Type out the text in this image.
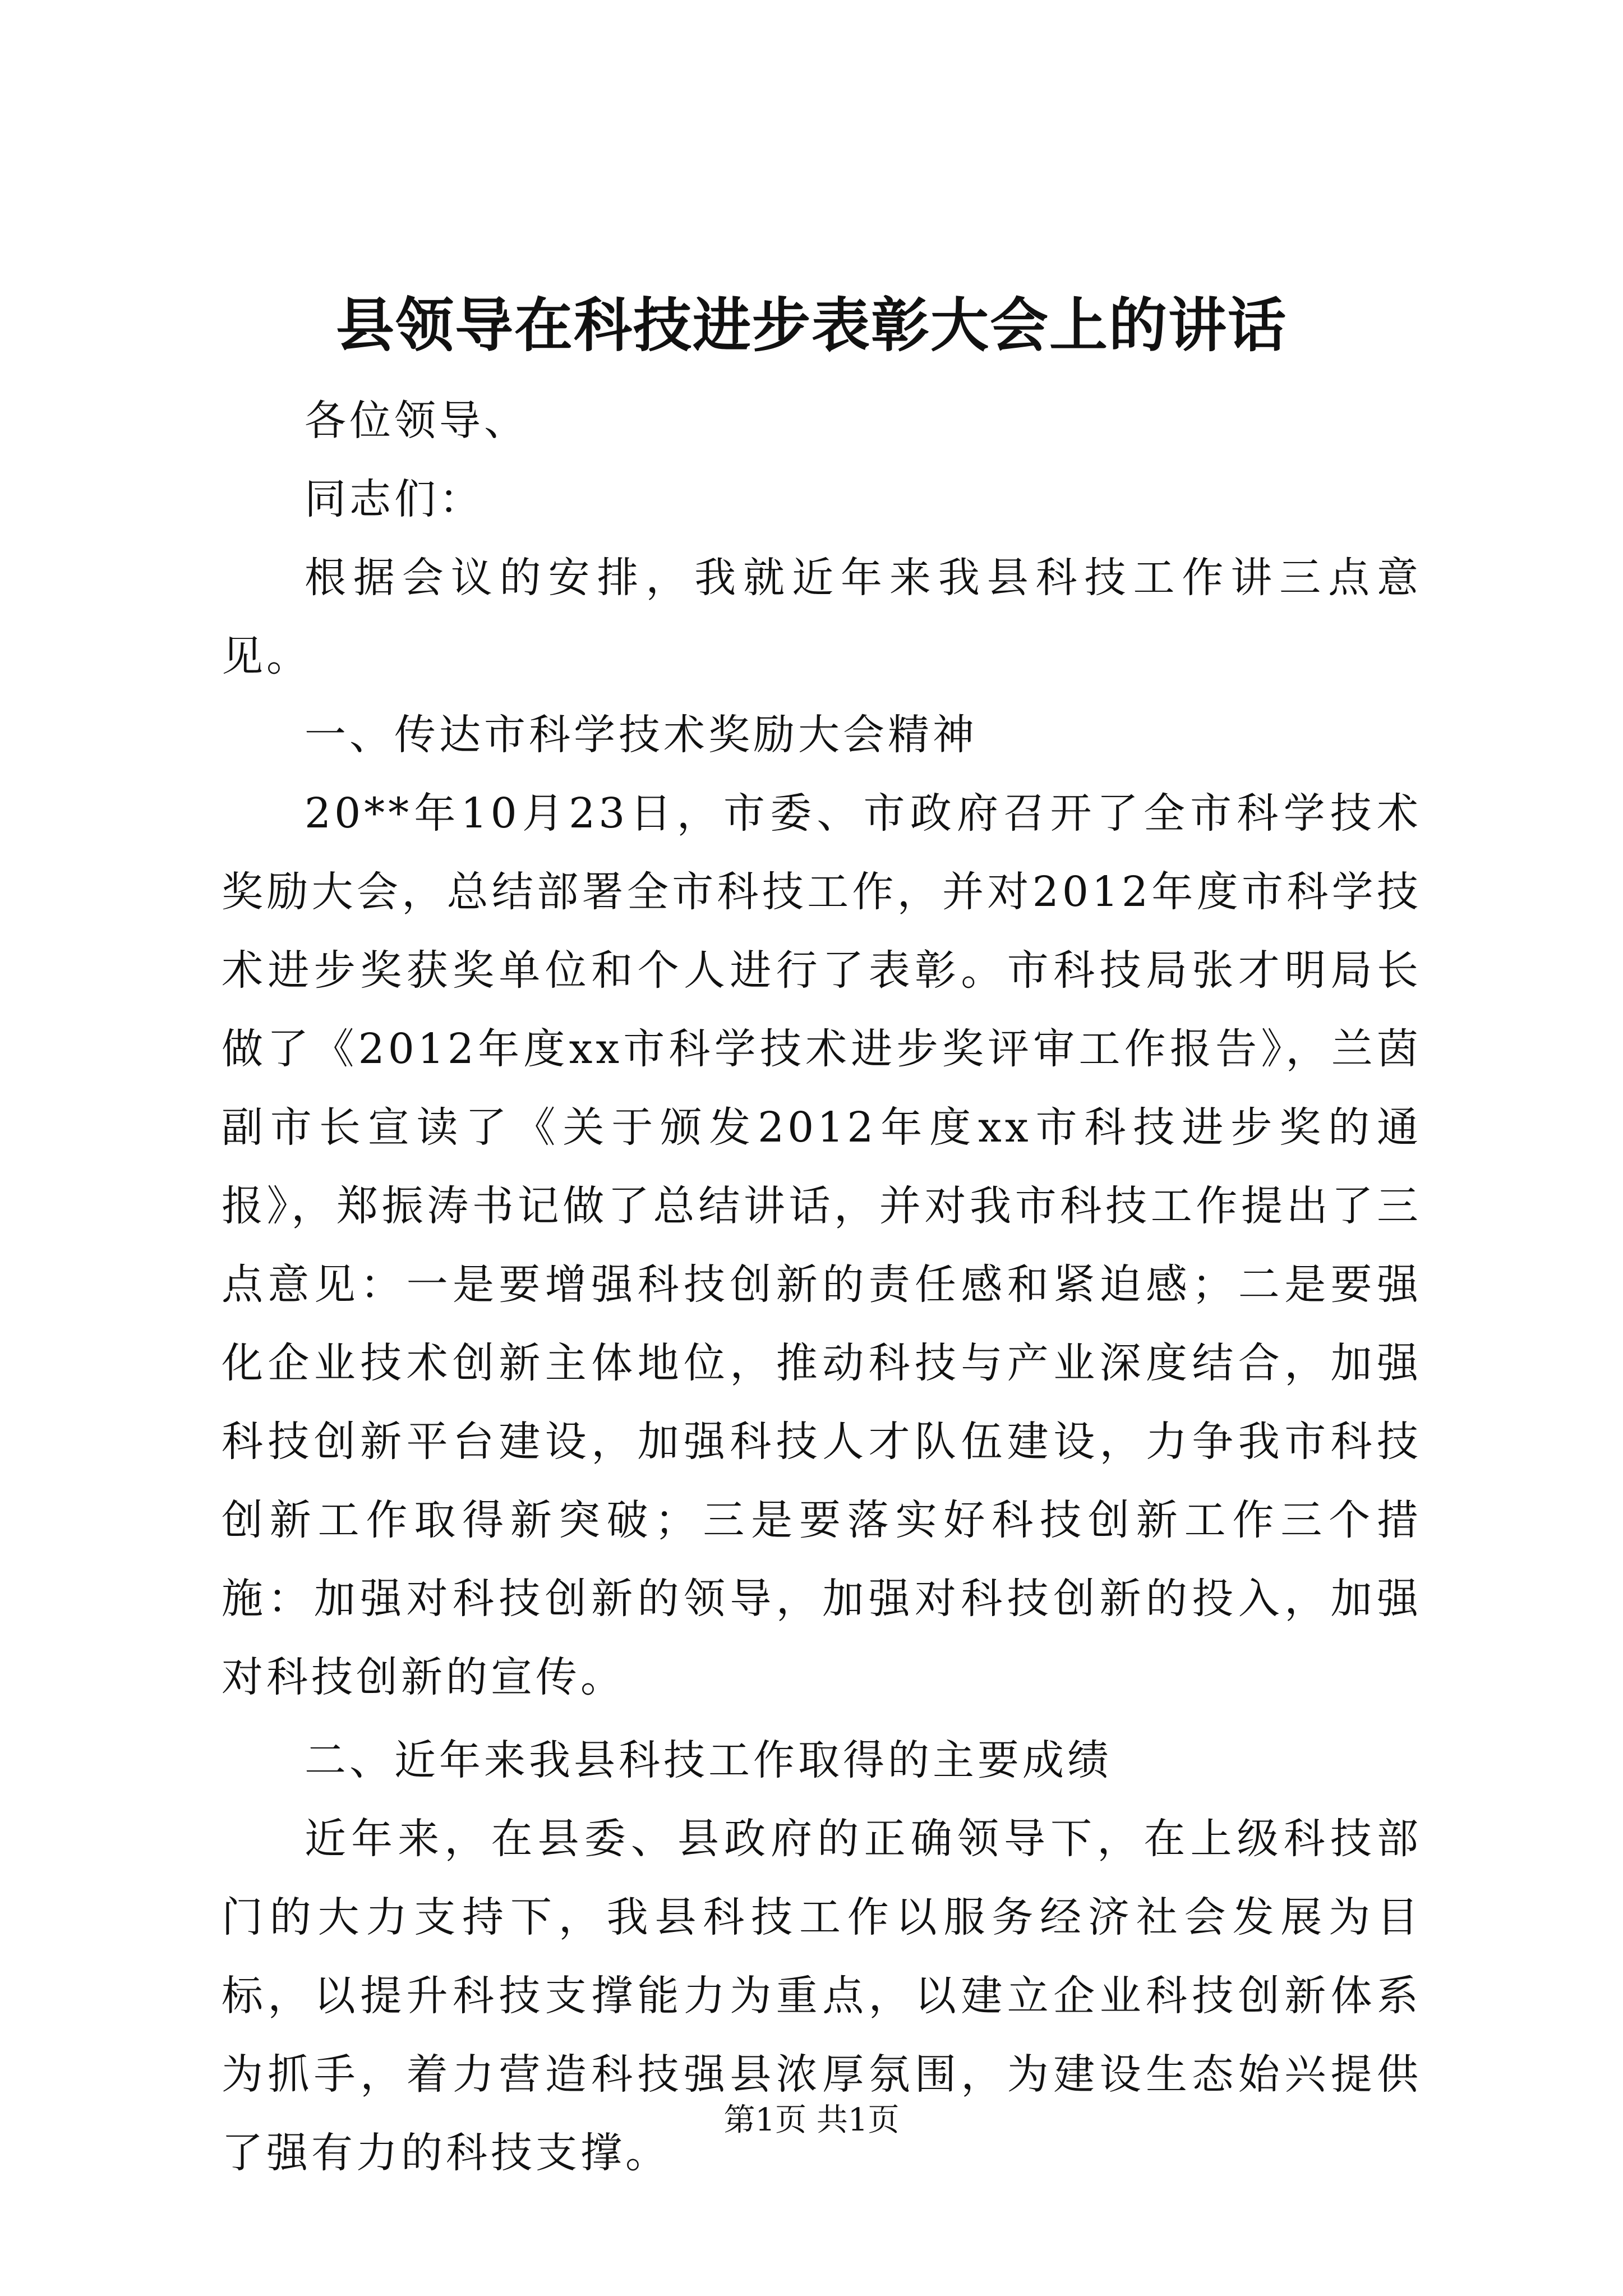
县领导在科技进步表彰大会上的讲话

各位领导、

同志们：

根据会议的安排，我就近年来我县科技工作讲三点意见。

一、传达市科学技术奖励大会精神

20**年10月23日，市委、市政府召开了全市科学技术奖励大会，总结部署全市科技工作，并对2012年度市科学技术进步奖获奖单位和个人进行了表彰。市科技局张才明局长做了《2012年度xx市科学技术进步奖评审工作报告》，兰茵副市长宣读了《关于颁发2012年度xx市科技进步奖的通报》，郑振涛书记做了总结讲话，并对我市科技工作提出了三点意见：一是要增强科技创新的责任感和紧迫感；二是要强化企业技术创新主体地位，推动科技与产业深度结合，加强科技创新平台建设，加强科技人才队伍建设，力争我市科技创新工作取得新突破；三是要落实好科技创新工作三个措施：加强对科技创新的领导，加强对科技创新的投入，加强对科技创新的宣传。

二、近年来我县科技工作取得的主要成绩

近年来，在县委、县政府的正确领导下，在上级科技部门的大力支持下，我县科技工作以服务经济社会发展为目标，以提升科技支撑能力为重点，以建立企业科技创新体系为抓手，着力营造科技强县浓厚氛围，为建设生态始兴提供了强有力的科技支撑。

第1页 共1页
